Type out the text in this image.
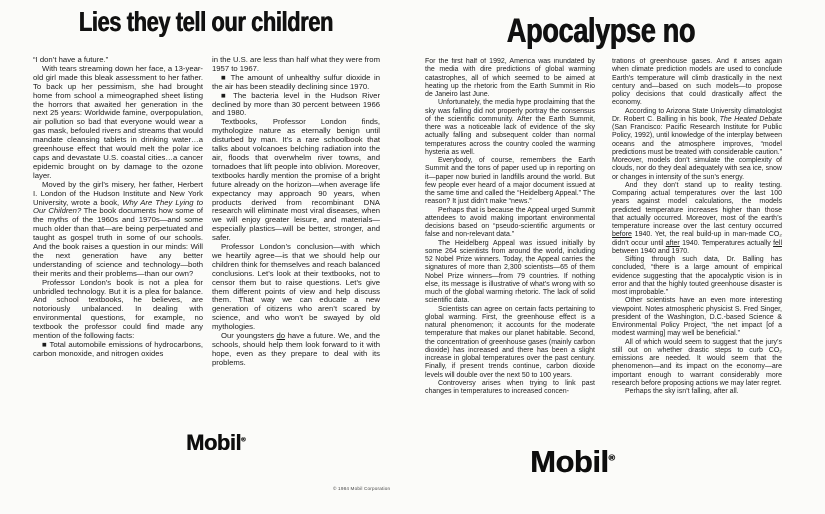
Lies they tell our children

“I don’t have a future.”

With tears streaming down her face, a 13-year-old girl made this bleak assessment to her father. To back up her pessimism, she had brought home from school a mimeographed sheet listing the horrors that awaited her generation in the next 25 years: Worldwide famine, overpopulation, air pollution so bad that everyone would wear a gas mask, befouled rivers and streams that would mandate cleansing tablets in drinking water…a greenhouse effect that would melt the polar ice caps and devastate U.S. coastal cities…a cancer epidemic brought on by damage to the ozone layer.

Moved by the girl’s misery, her father, Herbert I. London of the Hudson Institute and New York University, wrote a book, Why Are They Lying to Our Children? The book documents how some of the myths of the 1960s and 1970s—and some much older than that—are being perpetuated and taught as gospel truth in some of our schools. And the book raises a question in our minds: Will the next generation have any better understanding of science and technology—both their merits and their problems—than our own?

Professor London’s book is not a plea for unbridled technology. But it is a plea for balance. And school textbooks, he believes, are notoriously unbalanced. In dealing with environmental questions, for example, no textbook the professor could find made any mention of the following facts:

■ Total automobile emissions of hydrocarbons, carbon monoxide, and nitrogen oxides

in the U.S. are less than half what they were from 1957 to 1967.

■ The amount of unhealthy sulfur dioxide in the air has been steadily declining since 1970.

■ The bacteria level in the Hudson River declined by more than 30 percent between 1966 and 1980.

Textbooks, Professor London finds, mythologize nature as eternally benign until disturbed by man. It’s a rare schoolbook that talks about volcanoes belching radiation into the air, floods that overwhelm river towns, and tornadoes that lift people into oblivion. Moreover, textbooks hardly mention the promise of a bright future already on the horizon—when average life expectancy may approach 90 years, when products derived from recombinant DNA research will eliminate most viral diseases, when we will enjoy greater leisure, and materials—especially plastics—will be better, stronger, and safer.

Professor London’s conclusion—with which we heartily agree—is that we should help our children think for themselves and reach balanced conclusions. Let’s look at their textbooks, not to censor them but to raise questions. Let’s give them different points of view and help discuss them. That way we can educate a new generation of citizens who aren’t scared by science, and who won’t be swayed by old mythologies.

Our youngsters do have a future. We, and the schools, should help them look forward to it with hope, even as they prepare to deal with its problems.

Mobil®
Apocalypse no

For the first half of 1992, America was inundated by the media with dire predictions of global warming catastrophes, all of which seemed to be aimed at heating up the rhetoric from the Earth Summit in Rio de Janeiro last June.

Unfortunately, the media hype proclaiming that the sky was falling did not properly portray the consensus of the scientific community. After the Earth Summit, there was a noticeable lack of evidence of the sky actually falling and subsequent colder than normal temperatures across the country cooled the warming hysteria as well.

Everybody, of course, remembers the Earth Summit and the tons of paper used up in reporting on it—paper now buried in landfills around the world. But few people ever heard of a major document issued at the same time and called the “Heidelberg Appeal.” The reason? It just didn’t make “news.”

Perhaps that is because the Appeal urged Summit attendees to avoid making important environmental decisions based on “pseudo-scientific arguments or false and non-relevant data.”

The Heidelberg Appeal was issued initially by some 264 scientists from around the world, including 52 Nobel Prize winners. Today, the Appeal carries the signatures of more than 2,300 scientists—65 of them Nobel Prize winners—from 79 countries. If nothing else, its message is illustrative of what’s wrong with so much of the global warming rhetoric. The lack of solid scientific data.

Scientists can agree on certain facts pertaining to global warming. First, the greenhouse effect is a natural phenomenon; it accounts for the moderate temperature that makes our planet habitable. Second, the concentration of greenhouse gases (mainly carbon dioxide) has increased and there has been a slight increase in global temperatures over the past century. Finally, if present trends continue, carbon dioxide levels will double over the next 50 to 100 years.

Controversy arises when trying to link past changes in temperatures to increased concen-

trations of greenhouse gases. And it arises again when climate prediction models are used to conclude Earth’s temperature will climb drastically in the next century and—based on such models—to propose policy decisions that could drastically affect the economy.

According to Arizona State University climatologist Dr. Robert C. Balling in his book, The Heated Debate (San Francisco: Pacific Research Institute for Public Policy, 1992), until knowledge of the interplay between oceans and the atmosphere improves, “model predictions must be treated with considerable caution.” Moreover, models don’t simulate the complexity of clouds, nor do they deal adequately with sea ice, snow or changes in intensity of the sun’s energy.

And they don’t stand up to reality testing. Comparing actual temperatures over the last 100 years against model calculations, the models predicted temperature increases higher than those that actually occurred. Moreover, most of the earth’s temperature increase over the last century occurred before 1940. Yet, the real build-up in man-made CO₂ didn’t occur until after 1940. Temperatures actually fell between 1940 and 1970.

Sifting through such data, Dr. Balling has concluded, “there is a large amount of empirical evidence suggesting that the apocalyptic vision is in error and that the highly touted greenhouse disaster is most improbable.”

Other scientists have an even more interesting viewpoint. Notes atmospheric physicist S. Fred Singer, president of the Washington, D.C.-based Science & Environmental Policy Project, “the net impact [of a modest warming] may well be beneficial.”

All of which would seem to suggest that the jury’s still out on whether drastic steps to curb CO₂ emissions are needed. It would seem that the phenomenon—and its impact on the economy—are important enough to warrant considerably more research before proposing actions we may later regret.

Perhaps the sky isn’t falling, after all.

Mobil®
© 1984 Mobil Corporation
